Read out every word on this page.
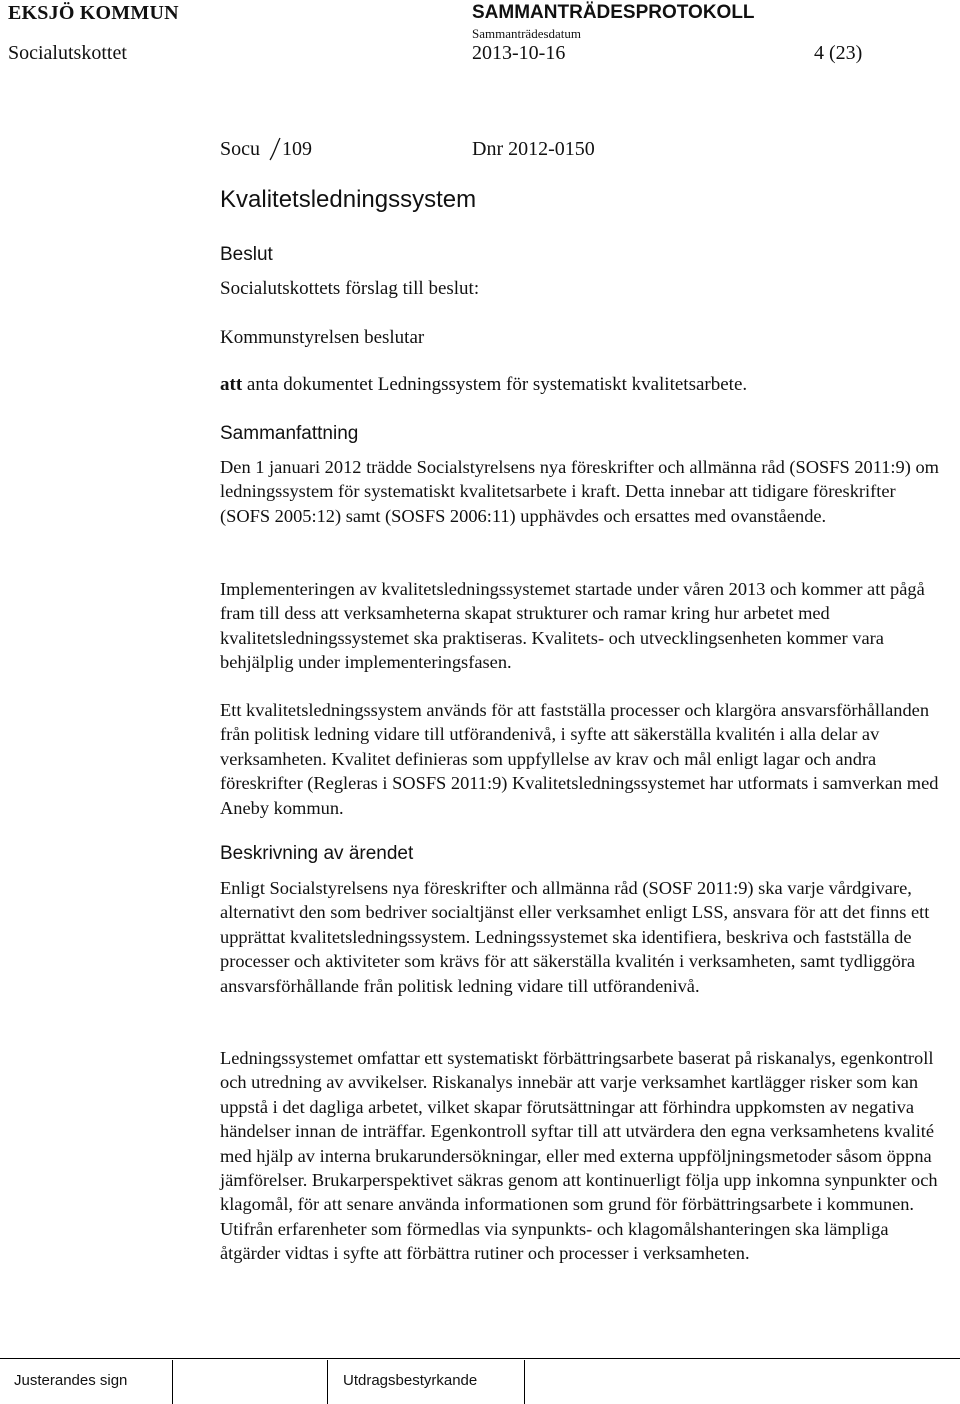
EKSJÖ KOMMUN	SAMMANTRÄDESPROTOKOLL
Sammanträdesdatum
Socialutskottet	2013-10-16	4 (23)
Socu 109	Dnr 2012-0150
Kvalitetsledningssystem
Beslut
Socialutskottets förslag till beslut:
Kommunstyrelsen beslutar
att anta dokumentet Ledningssystem för systematiskt kvalitetsarbete.
Sammanfattning

Den 1 januari 2012 trädde Socialstyrelsens nya föreskrifter och allmänna råd (SOSFS 2011:9) om ledningssystem för systematiskt kvalitetsarbete i kraft. Detta innebar att tidigare föreskrifter (SOFS 2005:12) samt (SOSFS 2006:11) upphävdes och ersattes med ovanstående.

Implementeringen av kvalitetsledningssystemet startade under våren 2013 och kommer att pågå fram till dess att verksamheterna skapat strukturer och ramar kring hur arbetet med kvalitetsledningssystemet ska praktiseras. Kvalitets- och utvecklingsenheten kommer vara behjälplig under implementeringsfasen.

Ett kvalitetsledningssystem används för att fastställa processer och klargöra ansvarsförhållanden från politisk ledning vidare till utförandenivå, i syfte att säkerställa kvalitén i alla delar av verksamheten. Kvalitet definieras som uppfyllelse av krav och mål enligt lagar och andra föreskrifter (Regleras i SOSFS 2011:9) Kvalitetsledningssystemet har utformats i samverkan med Aneby kommun.

Beskrivning av ärendet

Enligt Socialstyrelsens nya föreskrifter och allmänna råd (SOSF 2011:9) ska varje vårdgivare, alternativt den som bedriver socialtjänst eller verksamhet enligt LSS, ansvara för att det finns ett upprättat kvalitetsledningssystem. Ledningssystemet ska identifiera, beskriva och fastställa de processer och aktiviteter som krävs för att säkerställa kvalitén i verksamheten, samt tydliggöra ansvarsförhållande från politisk ledning vidare till utförandenivå.

Ledningssystemet omfattar ett systematiskt förbättringsarbete baserat på riskanalys, egenkontroll och utredning av avvikelser. Riskanalys innebär att varje verksamhet kartlägger risker som kan uppstå i det dagliga arbetet, vilket skapar förutsättningar att förhindra uppkomsten av negativa händelser innan de inträffar. Egenkontroll syftar till att utvärdera den egna verksamhetens kvalité med hjälp av interna brukarundersökningar, eller med externa uppföljningsmetoder såsom öppna jämförelser. Brukarperspektivet säkras genom att kontinuerligt följa upp inkomna synpunkter och klagomål, för att senare använda informationen som grund för förbättringsarbete i kommunen. Utifrån erfarenheter som förmedlas via synpunkts- och klagomålshanteringen ska lämpliga åtgärder vidtas i syfte att förbättra rutiner och processer i verksamheten.

Justerandes sign	Utdragsbestyrkande
